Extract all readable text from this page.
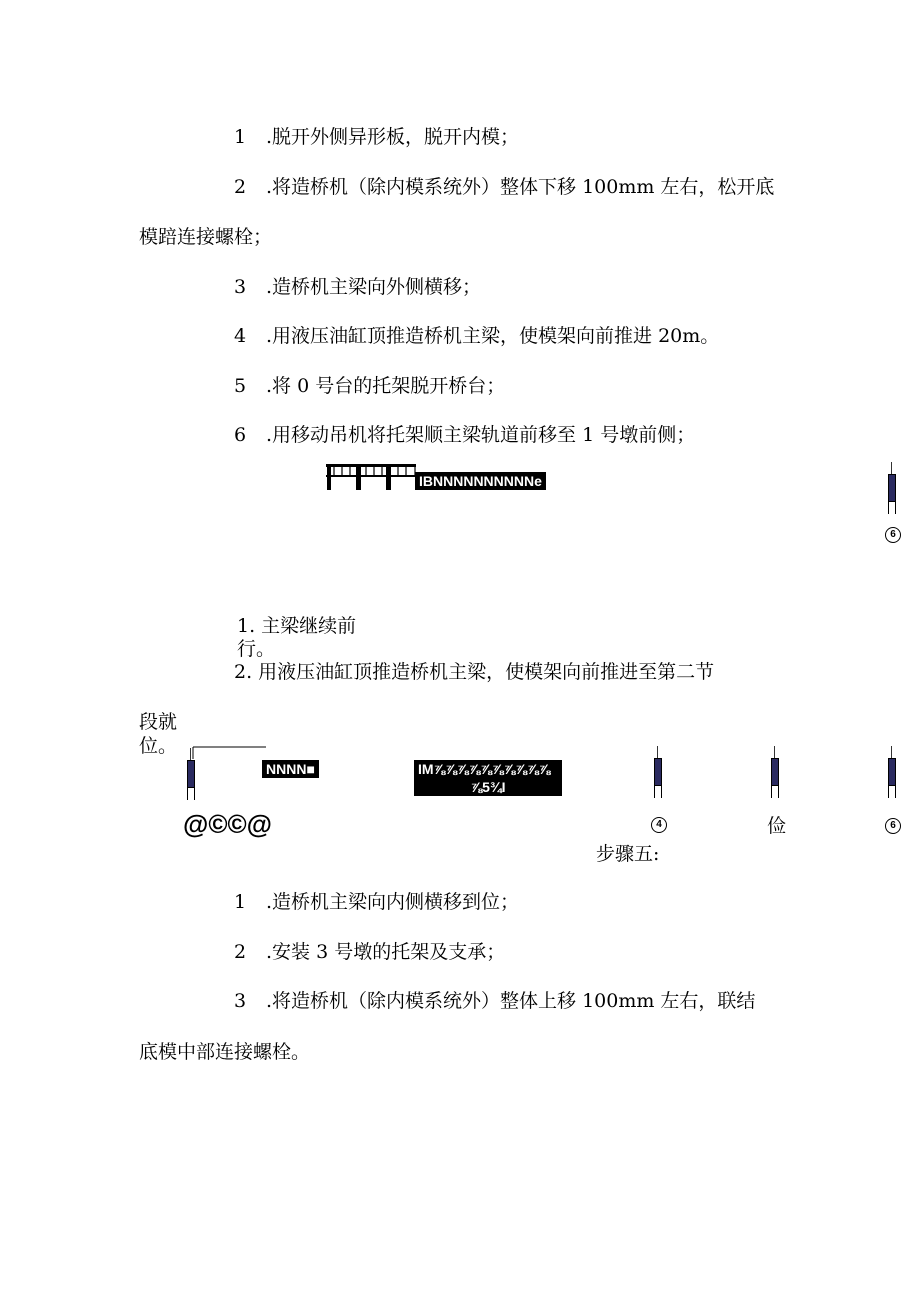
1 .脱开外侧异形板，脱开内模；
2 .将造桥机（除内模系统外）整体下移 100mm 左右，松开底
模踣连接螺栓；
3 .造桥机主梁向外侧横移；
4 .用液压油缸顶推造桥机主梁，使模架向前推进 20m。
5 .将 0 号台的托架脱开桥台；
6 .用移动吊机将托架顺主梁轨道前移至 1 号墩前侧；
IBNNNNNNNNNNe
6
1. 主梁继续前
行。
2. 用液压油缸顶推造桥机主梁，使模架向前推进至第二节
段就
位。
NNNN■	IM⅞⅞⅞⅞⅞⅞⅞⅞⅞⅞
⅞5¾I
@©©@	4	俭	6
步骤五:
1 .造桥机主梁向内侧横移到位；
2 .安装 3 号墩的托架及支承；
3 .将造桥机（除内模系统外）整体上移 100mm 左右，联结
底模中部连接螺栓。
